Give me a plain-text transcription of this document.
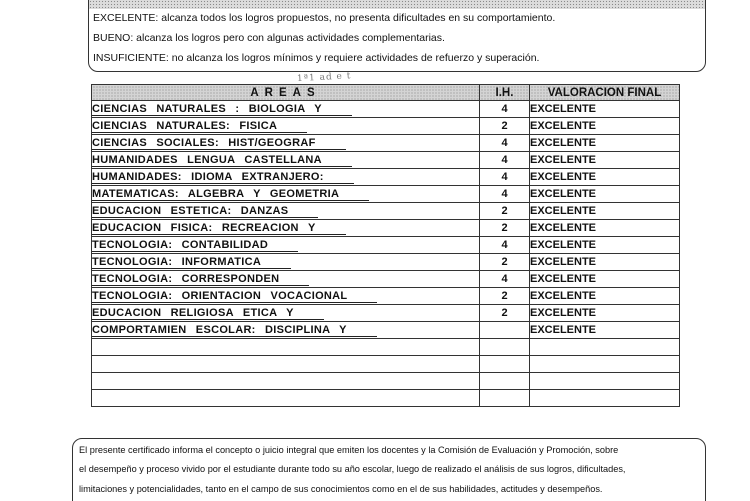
EXCELENTE: alcanza todos los logros propuestos, no presenta dificultades en su comportamiento.
BUENO: alcanza los logros pero con algunas actividades complementarias.
INSUFICIENTE: no alcanza los logros mínimos y requiere actividades de refuerzo y superación.
1ª1 ad e t
AREAS	I.H.	VALORACION FINAL
CIENCIAS NATURALES : BIOLOGIA Y	4	EXCELENTE
CIENCIAS NATURALES: FISICA	2	EXCELENTE
CIENCIAS SOCIALES: HIST/GEOGRAF	4	EXCELENTE
HUMANIDADES LENGUA CASTELLANA	4	EXCELENTE
HUMANIDADES: IDIOMA EXTRANJERO:	4	EXCELENTE
MATEMATICAS: ALGEBRA Y GEOMETRIA	4	EXCELENTE
EDUCACION ESTETICA: DANZAS	2	EXCELENTE
EDUCACION FISICA: RECREACION Y	2	EXCELENTE
TECNOLOGIA: CONTABILIDAD	4	EXCELENTE
TECNOLOGIA: INFORMATICA	2	EXCELENTE
TECNOLOGIA: CORRESPONDEN	4	EXCELENTE
TECNOLOGIA: ORIENTACION VOCACIONAL	2	EXCELENTE
EDUCACION RELIGIOSA ETICA Y	2	EXCELENTE
COMPORTAMIEN ESCOLAR: DISCIPLINA Y		EXCELENTE

El presente certificado informa el concepto o juicio integral que emiten los docentes y la Comisión de Evaluación y Promoción, sobre
el desempeño y proceso vivido por el estudiante durante todo su año escolar, luego de realizado el análisis de sus logros, dificultades,
limitaciones y potencialidades, tanto en el campo de sus conocimientos como en el de sus habilidades, actitudes y desempeños.
